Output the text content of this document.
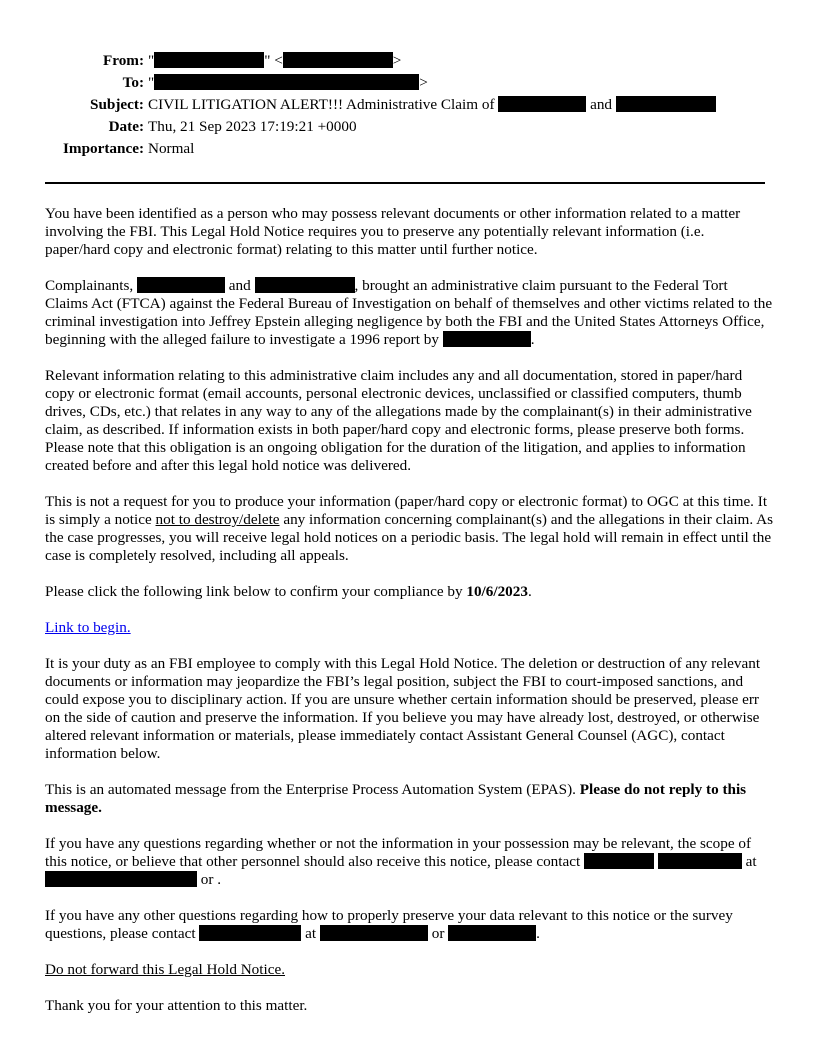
From: "	" <	>
To: "	>
Subject: CIVIL LITIGATION ALERT!!! Administrative Claim of	and
Date: Thu, 21 Sep 2023 17:19:21 +0000
Importance: Normal

You have been identified as a person who may possess relevant documents or other information related to a matter involving the FBI. This Legal Hold Notice requires you to preserve any potentially relevant information (i.e. paper/hard copy and electronic format) relating to this matter until further notice.

Complainants,	and	, brought an administrative claim pursuant to the Federal Tort Claims Act (FTCA) against the Federal Bureau of Investigation on behalf of themselves and other victims related to the criminal investigation into Jeffrey Epstein alleging negligence by both the FBI and the United States Attorneys Office, beginning with the alleged failure to investigate a 1996 report by	.

Relevant information relating to this administrative claim includes any and all documentation, stored in paper/hard copy or electronic format (email accounts, personal electronic devices, unclassified or classified computers, thumb drives, CDs, etc.) that relates in any way to any of the allegations made by the complainant(s) in their administrative claim, as described. If information exists in both paper/hard copy and electronic forms, please preserve both forms. Please note that this obligation is an ongoing obligation for the duration of the litigation, and applies to information created before and after this legal hold notice was delivered.

This is not a request for you to produce your information (paper/hard copy or electronic format) to OGC at this time. It is simply a notice not to destroy/delete any information concerning complainant(s) and the allegations in their claim. As the case progresses, you will receive legal hold notices on a periodic basis. The legal hold will remain in effect until the case is completely resolved, including all appeals.

Please click the following link below to confirm your compliance by 10/6/2023.

Link to begin.

It is your duty as an FBI employee to comply with this Legal Hold Notice. The deletion or destruction of any relevant documents or information may jeopardize the FBI’s legal position, subject the FBI to court-imposed sanctions, and could expose you to disciplinary action. If you are unsure whether certain information should be preserved, please err on the side of caution and preserve the information. If you believe you may have already lost, destroyed, or otherwise altered relevant information or materials, please immediately contact Assistant General Counsel (AGC), contact information below.

This is an automated message from the Enterprise Process Automation System (EPAS). Please do not reply to this message.

If you have any questions regarding whether or not the information in your possession may be relevant, the scope of this notice, or believe that other personnel should also receive this notice, please contact	at  or .

If you have any other questions regarding how to properly preserve your data relevant to this notice or the survey questions, please contact	at	or	.

Do not forward this Legal Hold Notice.

Thank you for your attention to this matter.
